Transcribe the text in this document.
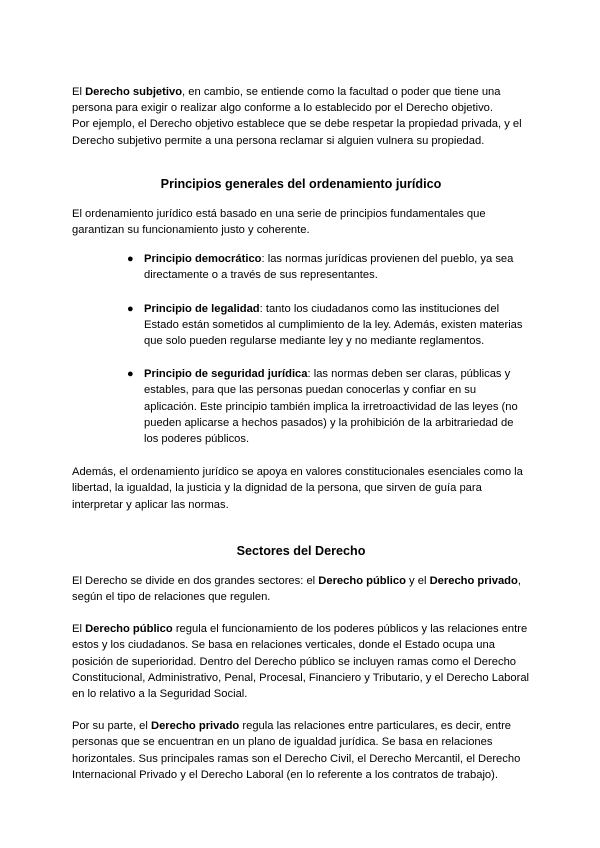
El Derecho subjetivo, en cambio, se entiende como la facultad o poder que tiene una persona para exigir o realizar algo conforme a lo establecido por el Derecho objetivo.

Por ejemplo, el Derecho objetivo establece que se debe respetar la propiedad privada, y el Derecho subjetivo permite a una persona reclamar si alguien vulnera su propiedad.

Principios generales del ordenamiento jurídico

El ordenamiento jurídico está basado en una serie de principios fundamentales que garantizan su funcionamiento justo y coherente.

● Principio democrático: las normas jurídicas provienen del pueblo, ya sea directamente o a través de sus representantes.
● Principio de legalidad: tanto los ciudadanos como las instituciones del Estado están sometidos al cumplimiento de la ley. Además, existen materias que solo pueden regularse mediante ley y no mediante reglamentos.
● Principio de seguridad jurídica: las normas deben ser claras, públicas y estables, para que las personas puedan conocerlas y confiar en su aplicación. Este principio también implica la irretroactividad de las leyes (no pueden aplicarse a hechos pasados) y la prohibición de la arbitrariedad de los poderes públicos.

Además, el ordenamiento jurídico se apoya en valores constitucionales esenciales como la libertad, la igualdad, la justicia y la dignidad de la persona, que sirven de guía para interpretar y aplicar las normas.

Sectores del Derecho

El Derecho se divide en dos grandes sectores: el Derecho público y el Derecho privado, según el tipo de relaciones que regulen.

El Derecho público regula el funcionamiento de los poderes públicos y las relaciones entre estos y los ciudadanos. Se basa en relaciones verticales, donde el Estado ocupa una posición de superioridad. Dentro del Derecho público se incluyen ramas como el Derecho Constitucional, Administrativo, Penal, Procesal, Financiero y Tributario, y el Derecho Laboral en lo relativo a la Seguridad Social.

Por su parte, el Derecho privado regula las relaciones entre particulares, es decir, entre personas que se encuentran en un plano de igualdad jurídica. Se basa en relaciones horizontales. Sus principales ramas son el Derecho Civil, el Derecho Mercantil, el Derecho Internacional Privado y el Derecho Laboral (en lo referente a los contratos de trabajo).
